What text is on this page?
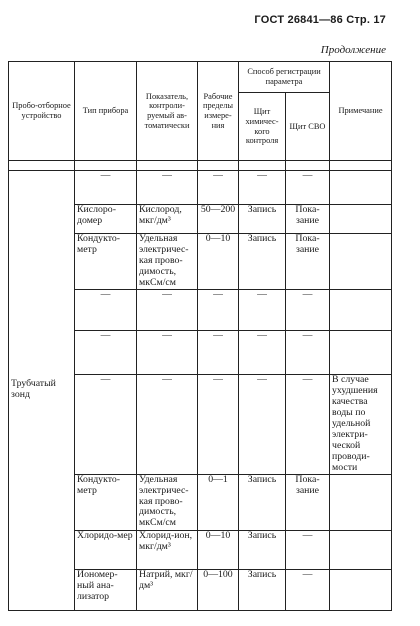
ГОСТ 26841—86 Стр. 17
Продолжение
Пробо-отборное устройство	Тип прибора	Показатель, контроли-руемый ав-томатически	Рабочие пределы измере-ния	Способ регистрации параметра		Примечание
				Щит химичес-кого контроля	Щит СВО	

Трубчатый зонд	—	—	—	—	—	
	Кислоро-домер	Кислород, мкг/дм³	50—200	Запись	Пока-зание	
	Кондукто-метр	Удельная электричес-кая прово-димость, мкСм/см	0—10	Запись	Пока-зание	
	—	—	—	—	—	
	—	—	—	—	—	
	—	—	—	—	—	В случае ухудшения качества воды по удельной электри-ческой проводи-мости
	Кондукто-метр	Удельная электричес-кая прово-димость, мкСм/см	0—1	Запись	Пока-зание	
	Хлоридо-мер	Хлорид-ион, мкг/дм³	0—10	Запись	—	
	Иономер-ный ана-лизатор	Натрий, мкг/дм³	0—100	Запись	—	
